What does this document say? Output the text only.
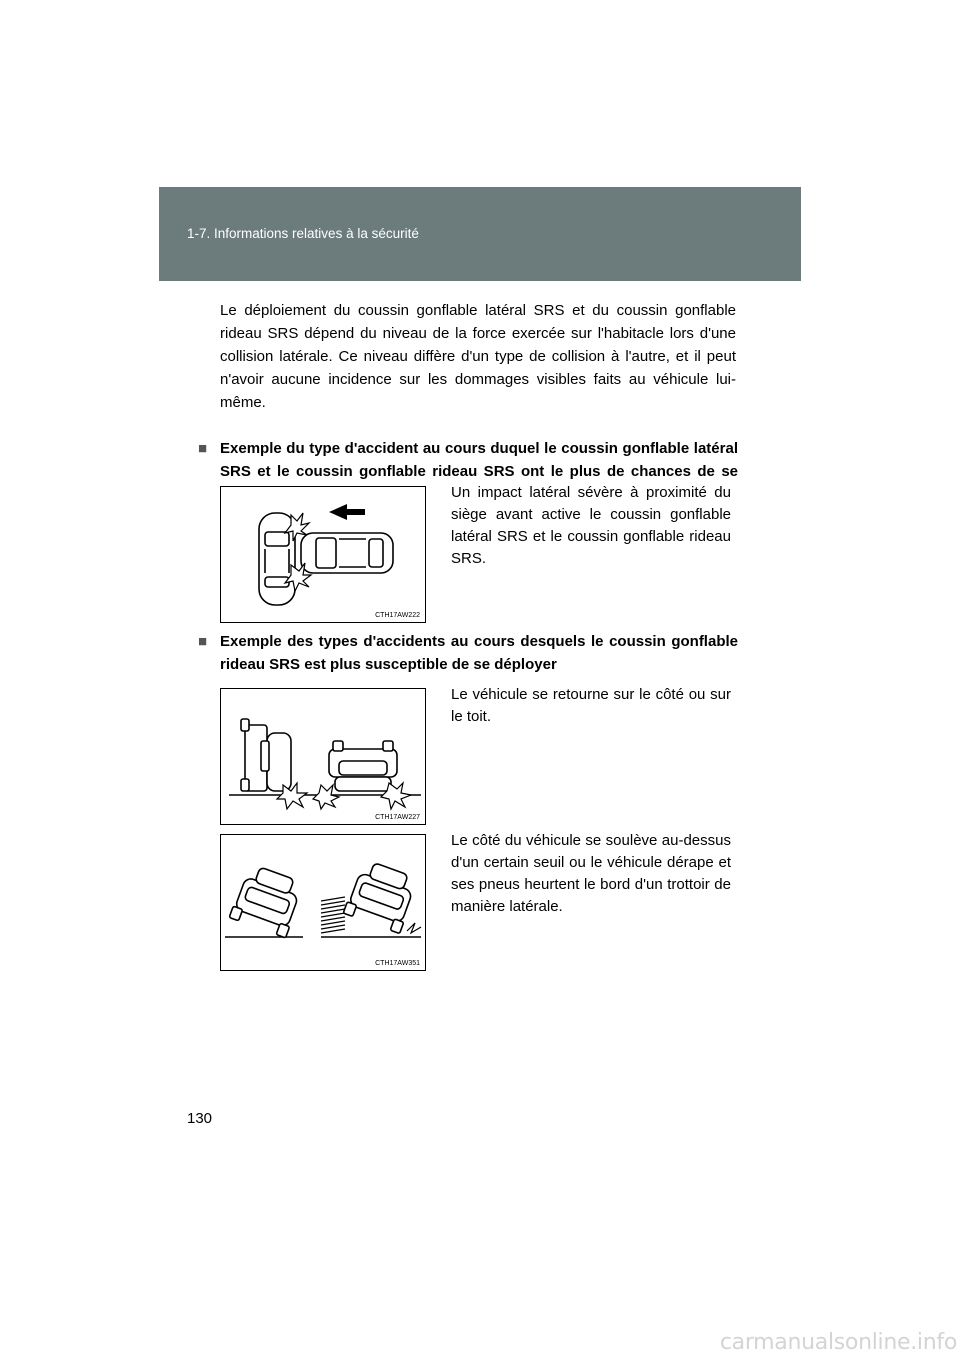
1-7. Informations relatives à la sécurité

Le déploiement du coussin gonflable latéral SRS et du coussin gonflable rideau SRS dépend du niveau de la force exercée sur l'habitacle lors d'une collision latérale. Ce niveau diffère d'un type de collision à l'autre, et il peut n'avoir aucune incidence sur les dommages visibles faits au véhicule lui-même.

■ Exemple du type d'accident au cours duquel le coussin gonflable latéral SRS et le coussin gonflable rideau SRS ont le plus de chances de se
CTH17AW222

Un impact latéral sévère à proximité du siège avant active le coussin gonflable latéral SRS et le coussin gonflable rideau SRS.

■ Exemple des types d'accidents au cours desquels le coussin gonflable rideau SRS est plus susceptible de se déployer
CTH17AW227

Le véhicule se retourne sur le côté ou sur le toit.

CTH17AW351

Le côté du véhicule se soulève au-dessus d'un certain seuil ou le véhicule dérape et ses pneus heurtent le bord d'un trottoir de manière latérale.

130
carmanualsonline.info
